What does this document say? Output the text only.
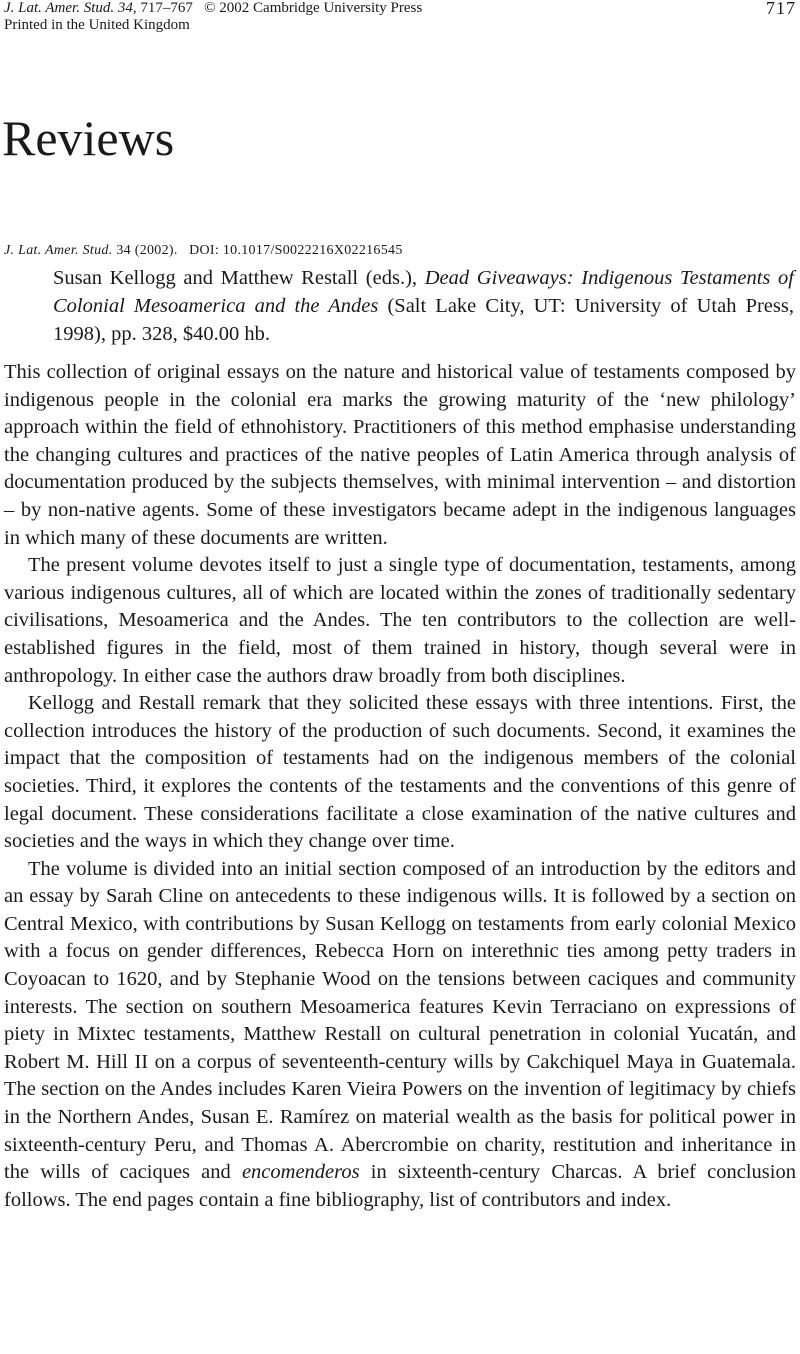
J. Lat. Amer. Stud. 34, 717–767 © 2002 Cambridge University Press	717
Printed in the United Kingdom
Reviews
J. Lat. Amer. Stud. 34 (2002). DOI: 10.1017/S0022216X02216545
Susan Kellogg and Matthew Restall (eds.), Dead Giveaways: Indigenous Testaments of Colonial Mesoamerica and the Andes (Salt Lake City, UT: University of Utah Press, 1998), pp. 328, $40.00 hb.

This collection of original essays on the nature and historical value of testaments composed by indigenous people in the colonial era marks the growing maturity of the ‘new philology’ approach within the field of ethnohistory. Practitioners of this method emphasise understanding the changing cultures and practices of the native peoples of Latin America through analysis of documentation produced by the subjects themselves, with minimal intervention – and distortion – by non-native agents. Some of these investigators became adept in the indigenous languages in which many of these documents are written.

The present volume devotes itself to just a single type of documentation, testaments, among various indigenous cultures, all of which are located within the zones of traditionally sedentary civilisations, Mesoamerica and the Andes. The ten contributors to the collection are well-established figures in the field, most of them trained in history, though several were in anthropology. In either case the authors draw broadly from both disciplines.

Kellogg and Restall remark that they solicited these essays with three intentions. First, the collection introduces the history of the production of such documents. Second, it examines the impact that the composition of testaments had on the indigenous members of the colonial societies. Third, it explores the contents of the testaments and the conventions of this genre of legal document. These considerations facilitate a close examination of the native cultures and societies and the ways in which they change over time.

The volume is divided into an initial section composed of an introduction by the editors and an essay by Sarah Cline on antecedents to these indigenous wills. It is followed by a section on Central Mexico, with contributions by Susan Kellogg on testaments from early colonial Mexico with a focus on gender differences, Rebecca Horn on interethnic ties among petty traders in Coyoacan to 1620, and by Stephanie Wood on the tensions between caciques and community interests. The section on southern Mesoamerica features Kevin Terraciano on expressions of piety in Mixtec testaments, Matthew Restall on cultural penetration in colonial Yucatán, and Robert M. Hill II on a corpus of seventeenth-century wills by Cakchiquel Maya in Guatemala. The section on the Andes includes Karen Vieira Powers on the invention of legitimacy by chiefs in the Northern Andes, Susan E. Ramírez on material wealth as the basis for political power in sixteenth-century Peru, and Thomas A. Abercrombie on charity, restitution and inheritance in the wills of caciques and encomenderos in sixteenth-century Charcas. A brief conclusion follows. The end pages contain a fine bibliography, list of contributors and index.
